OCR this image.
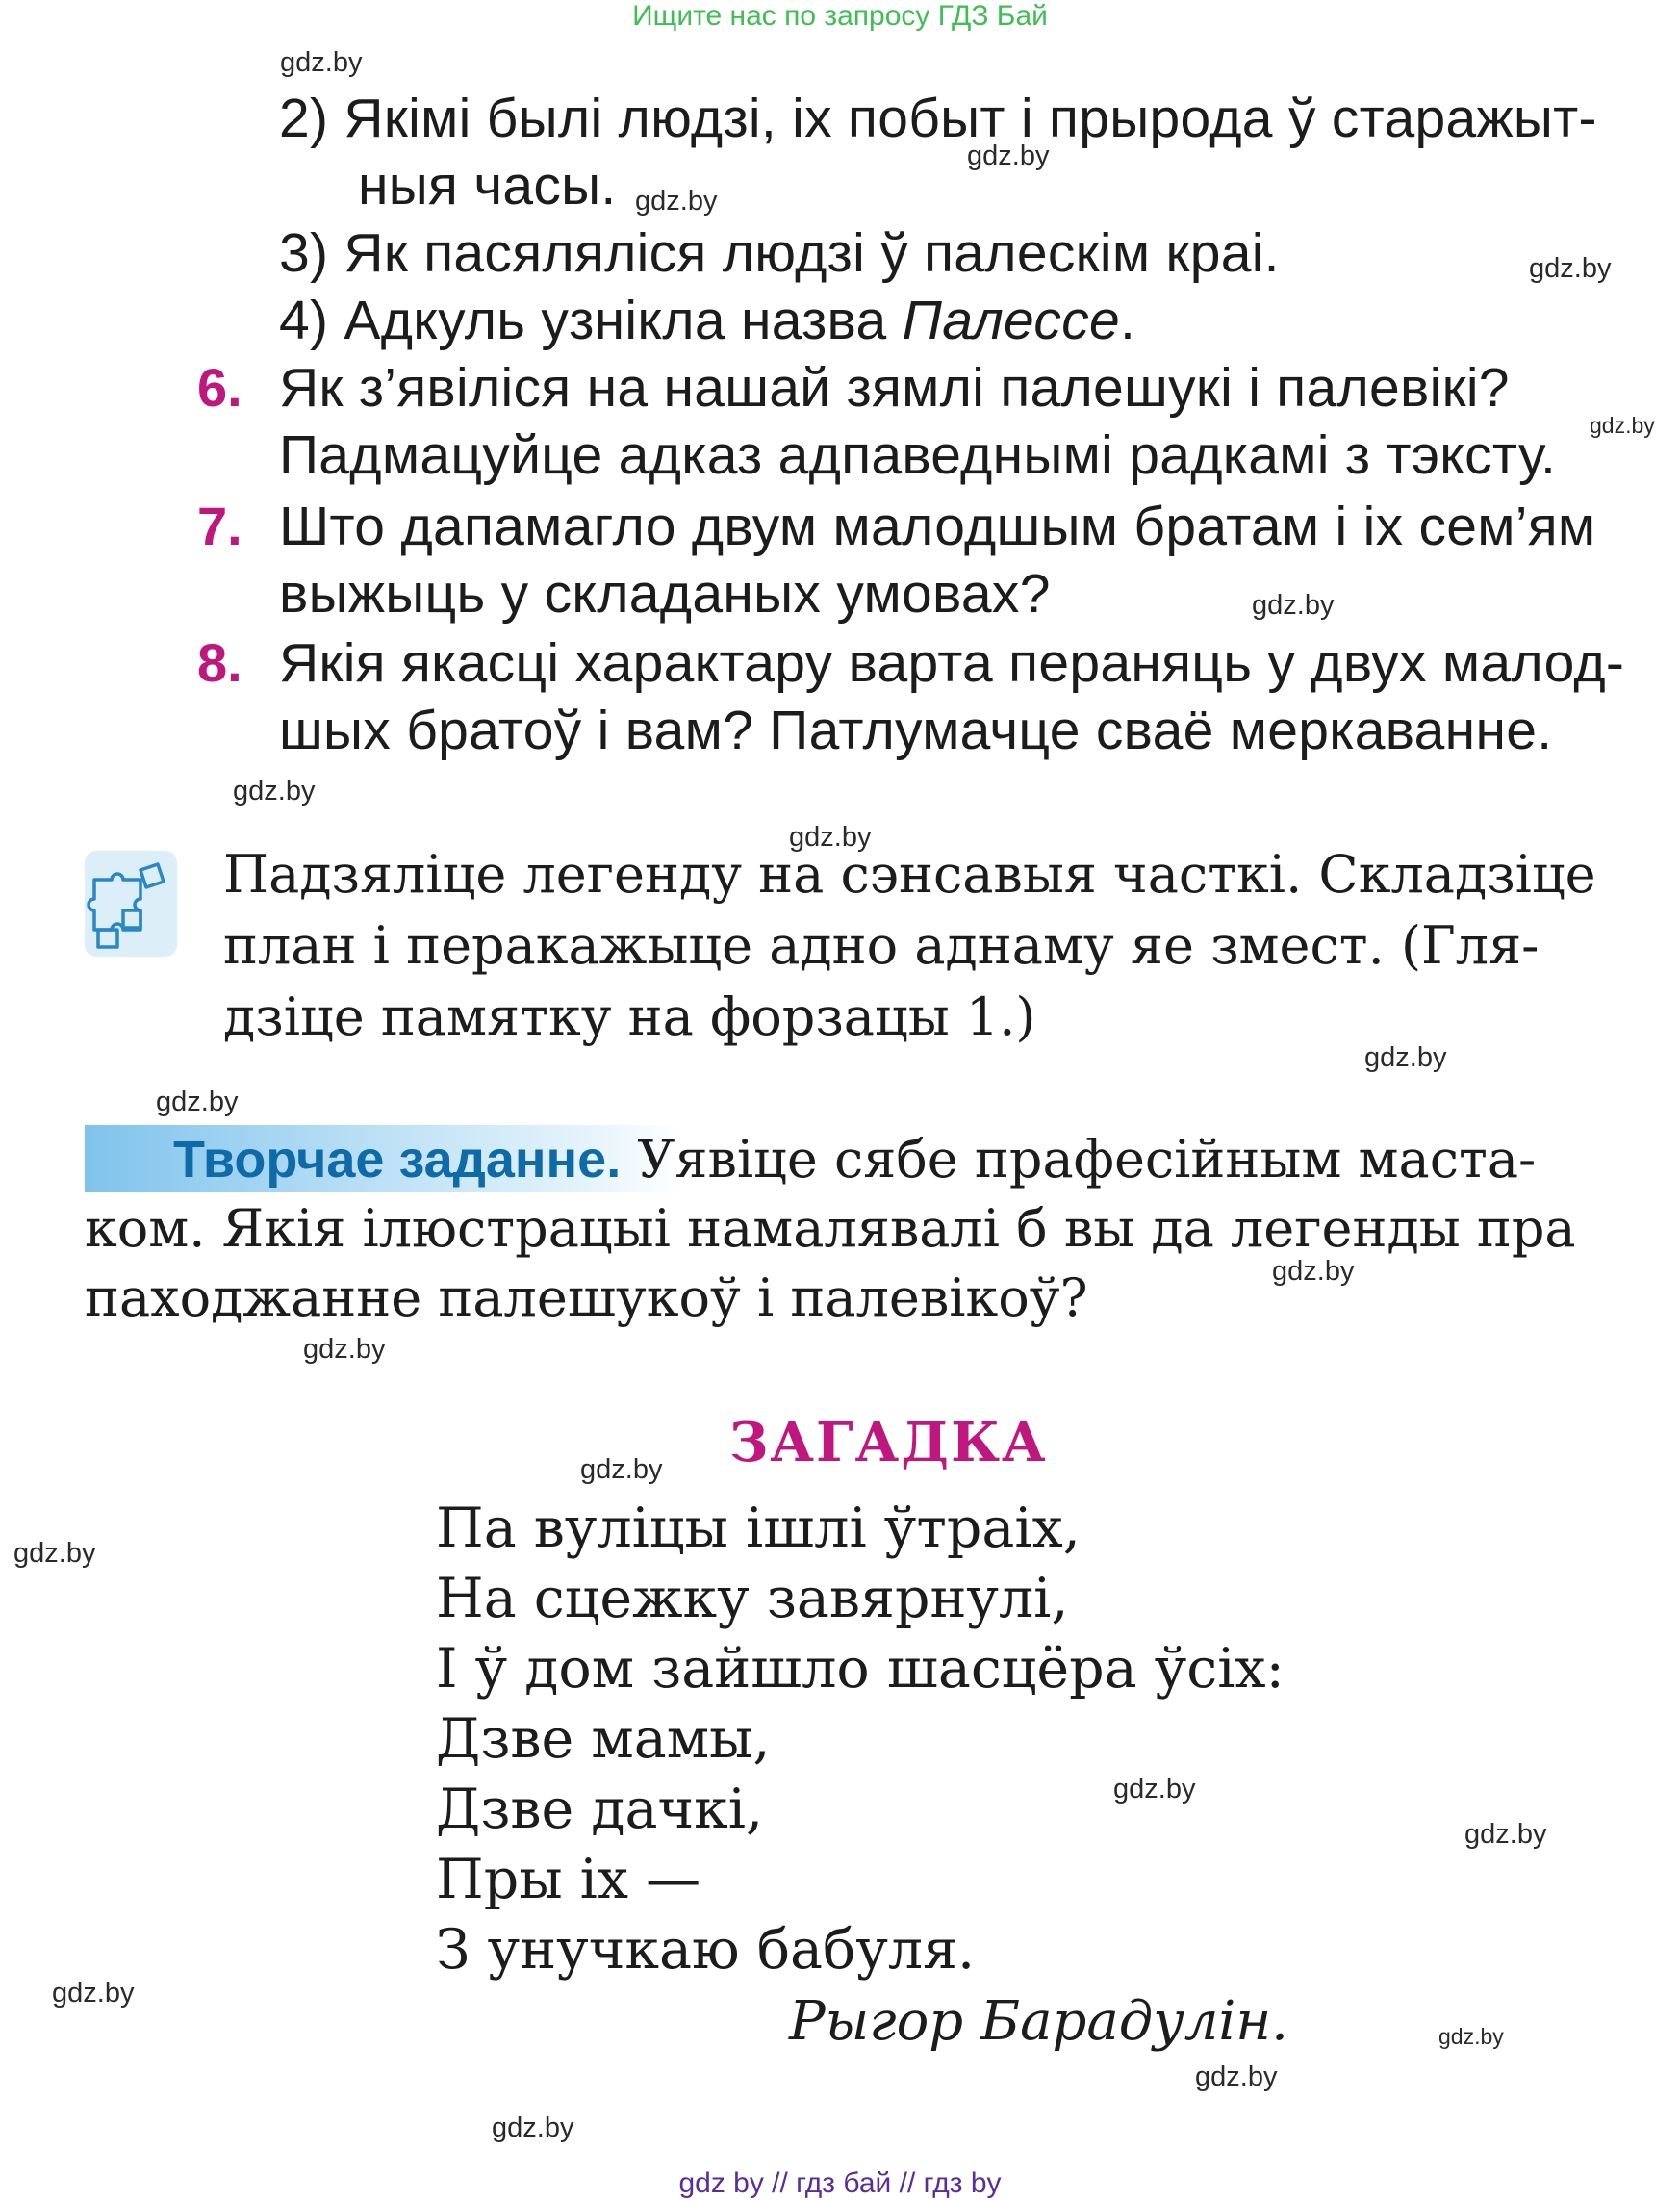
Ищите нас по запросу ГДЗ Бай
gdz.by
gdz.by
gdz.by
gdz.by
gdz.by
gdz.by
gdz.by
gdz.by
gdz.by
gdz.by
gdz.by
gdz.by
gdz.by
gdz.by
gdz.by
gdz.by
gdz.by
gdz.by
gdz.by
gdz.by
2) Якімі былі людзі, іх побыт і прырода ў старажыт-
ныя часы.
3) Як пасяляліся людзі ў палескім краі.
4) Адкуль узнікла назва Палессе.
6. Як з’явіліся на нашай зямлі палешукі і палевікі?
Падмацуйце адказ адпаведнымі радкамі з тэксту.
7. Што дапамагло двум малодшым братам і іх сем’ям
выжыць у складаных умовах?
8. Якія якасці характару варта пераняць у двух малод-
шых братоў і вам? Патлумачце сваё меркаванне.
Падзяліце легенду на сэнсавыя часткі. Складзіце
план і перакажыце адно аднаму яе змест. (Гля-
дзіце памятку на форзацы 1.)
Творчае заданне. Уявіце сябе прафесійным маста-
ком. Якія ілюстрацыі намалявалі б вы да легенды пра
паходжанне палешукоў і палевікоў?
ЗАГАДКА
Па вуліцы ішлі ўтраіх,
На сцежку завярнулі,
І ў дом зайшло шасцёра ўсіх:
Дзве мамы,
Дзве дачкі,
Пры іх —
З унучкаю бабуля.
Рыгор Барадулін.
gdz by // гдз бай // гдз by
